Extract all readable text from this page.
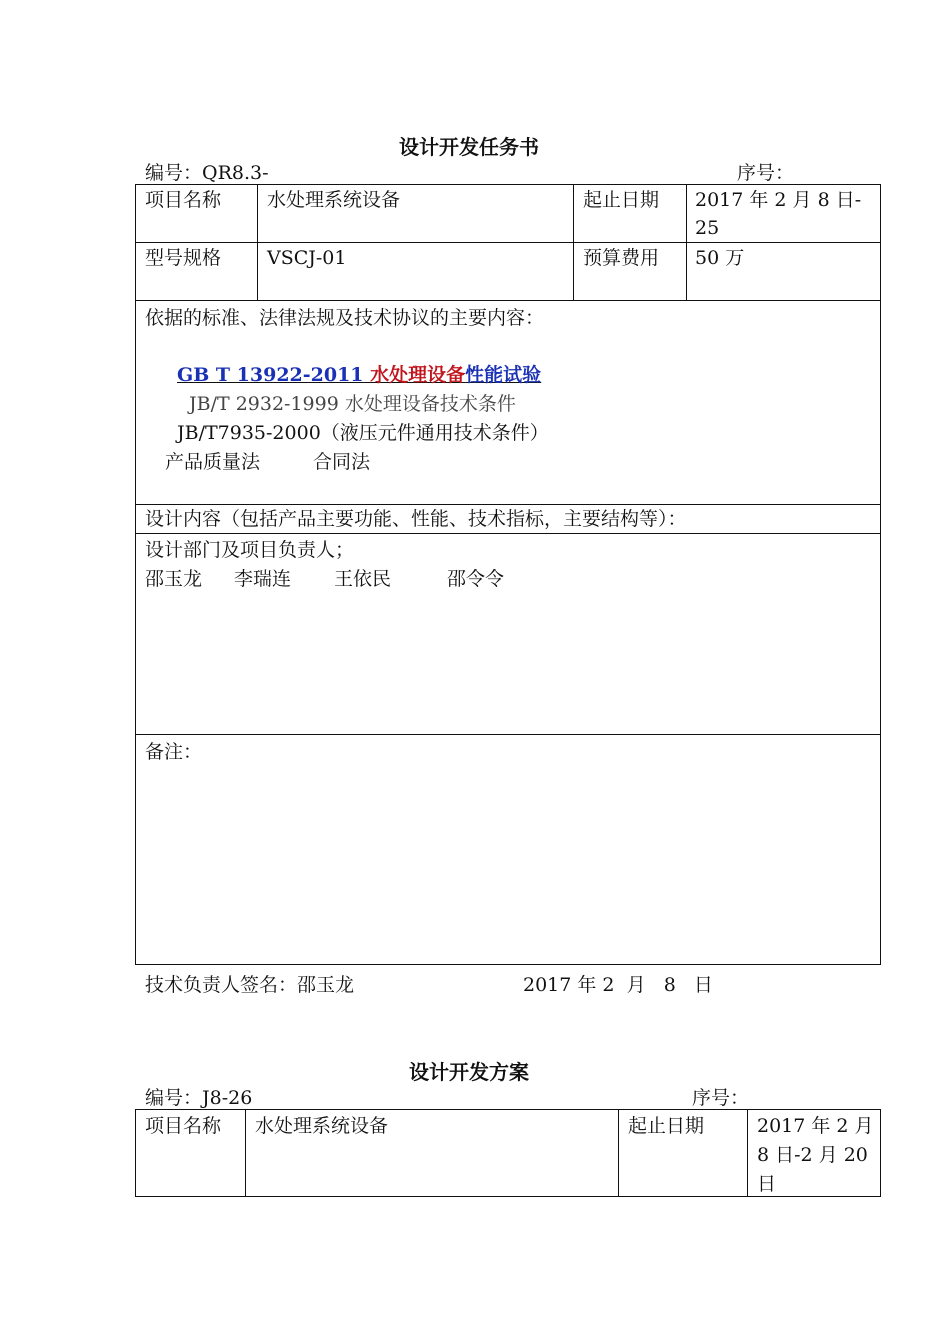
设计开发任务书
编号：QR8.3-	序号：
项目名称 水处理系统设备	起止日期 2017 年 2 月 8 日-
25
型号规格 VSCJ-01	预算费用 50 万
依据的标准、法律法规及技术协议的主要内容：
GB T 13922-2011 水处理设备性能试验
JB/T 2932-1999 水处理设备技术条件
JB/T7935-2000（液压元件通用技术条件）
产品质量法	合同法
设计内容（包括产品主要功能、性能、技术指标，主要结构等）：
设计部门及项目负责人；
邵玉龙 李瑞连 王依民	邵令令
备注：
技术负责人签名：邵玉龙	2017 年 2  月   8   日
设计开发方案
编号：J8-26	序号：
项目名称 水处理系统设备	起止日期	2017 年 2 月
8 日-2 月 20
日
